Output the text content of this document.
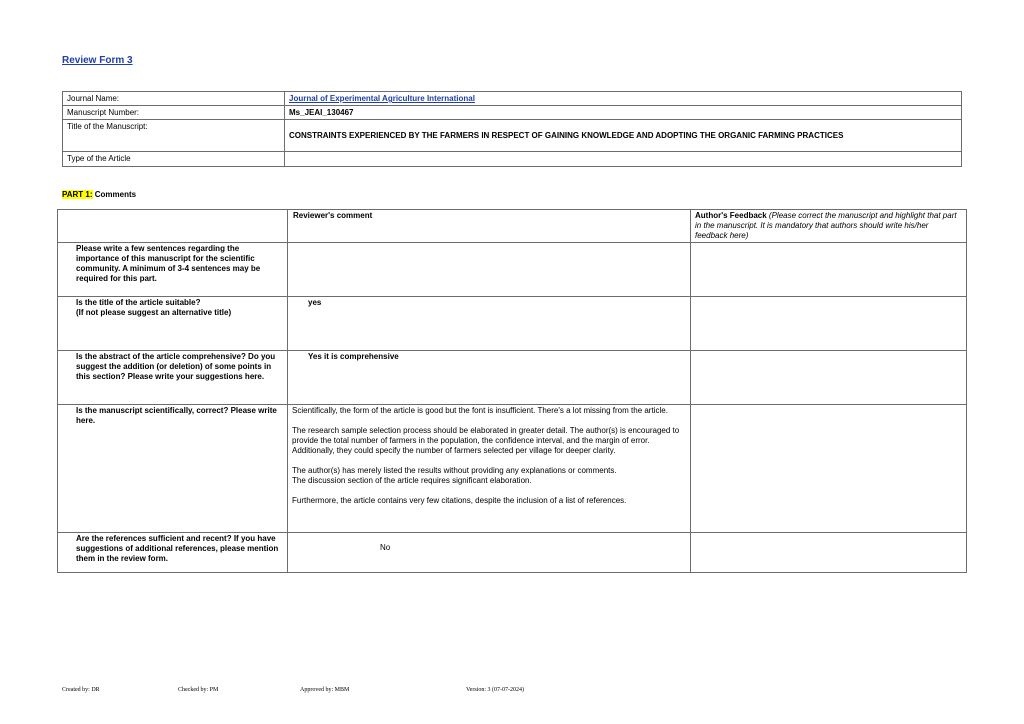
Review Form 3
Journal Name:	Journal of Experimental Agriculture International
Manuscript Number:	Ms_JEAI_130467
Title of the Manuscript:	CONSTRAINTS EXPERIENCED BY THE FARMERS IN RESPECT OF GAINING KNOWLEDGE AND ADOPTING THE ORGANIC FARMING PRACTICES
Type of the Article	
PART 1: Comments
	Reviewer's comment	Author's Feedback (Please correct the manuscript and highlight that part in the manuscript. It is mandatory that authors should write his/her feedback here)
Please write a few sentences regarding the importance of this manuscript for the scientific community. A minimum of 3-4 sentences may be required for this part.		
Is the title of the article suitable?
(If not please suggest an alternative title)	yes	
Is the abstract of the article comprehensive? Do you suggest the addition (or deletion) of some points in this section? Please write your suggestions here.	Yes it is comprehensive	
Is the manuscript scientifically, correct? Please write here.	Scientifically, the form of the article is good but the font is insufficient. There's a lot missing from the article.

The research sample selection process should be elaborated in greater detail. The author(s) is encouraged to provide the total number of farmers in the population, the confidence interval, and the margin of error. Additionally, they could specify the number of farmers selected per village for deeper clarity.

The author(s) has merely listed the results without providing any explanations or comments.
The discussion section of the article requires significant elaboration.

Furthermore, the article contains very few citations, despite the inclusion of a list of references.	

Are the references sufficient and recent? If you have suggestions of additional references, please mention them in the review form.	No	
Created by: DR	Checked by: PM	Approved by: MBM	Version: 3 (07-07-2024)
